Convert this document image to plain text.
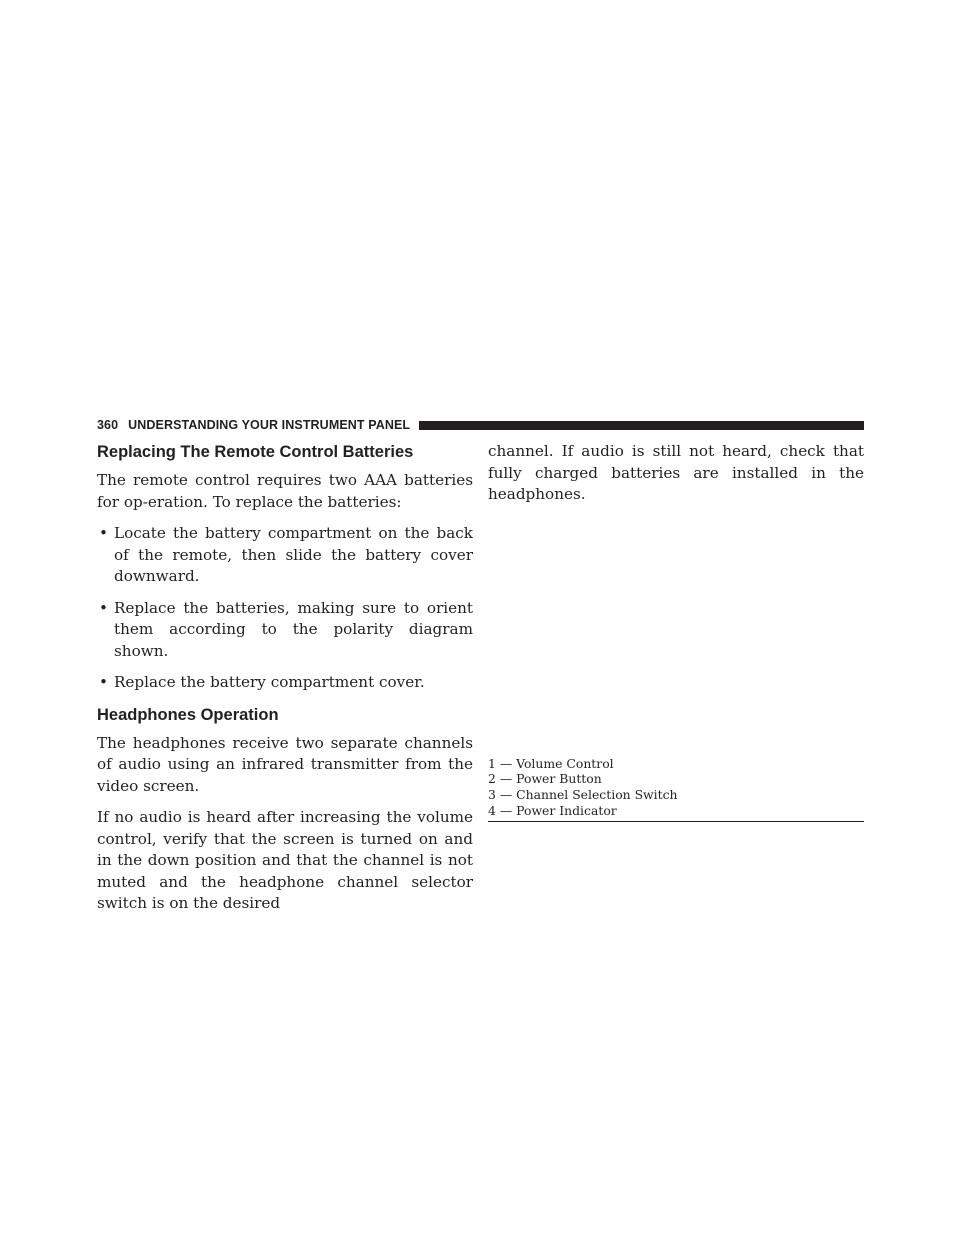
360 UNDERSTANDING YOUR INSTRUMENT PANEL
Replacing The Remote Control Batteries

The remote control requires two AAA batteries for op-eration. To replace the batteries:

• Locate the battery compartment on the back of the remote, then slide the battery cover downward.
• Replace the batteries, making sure to orient them according to the polarity diagram shown.
• Replace the battery compartment cover.
Headphones Operation

The headphones receive two separate channels of audio using an infrared transmitter from the video screen.

If no audio is heard after increasing the volume control, verify that the screen is turned on and in the down position and that the channel is not muted and the headphone channel selector switch is on the desired

channel. If audio is still not heard, check that fully charged batteries are installed in the headphones.

1 — Volume Control
2 — Power Button
3 — Channel Selection Switch
4 — Power Indicator
